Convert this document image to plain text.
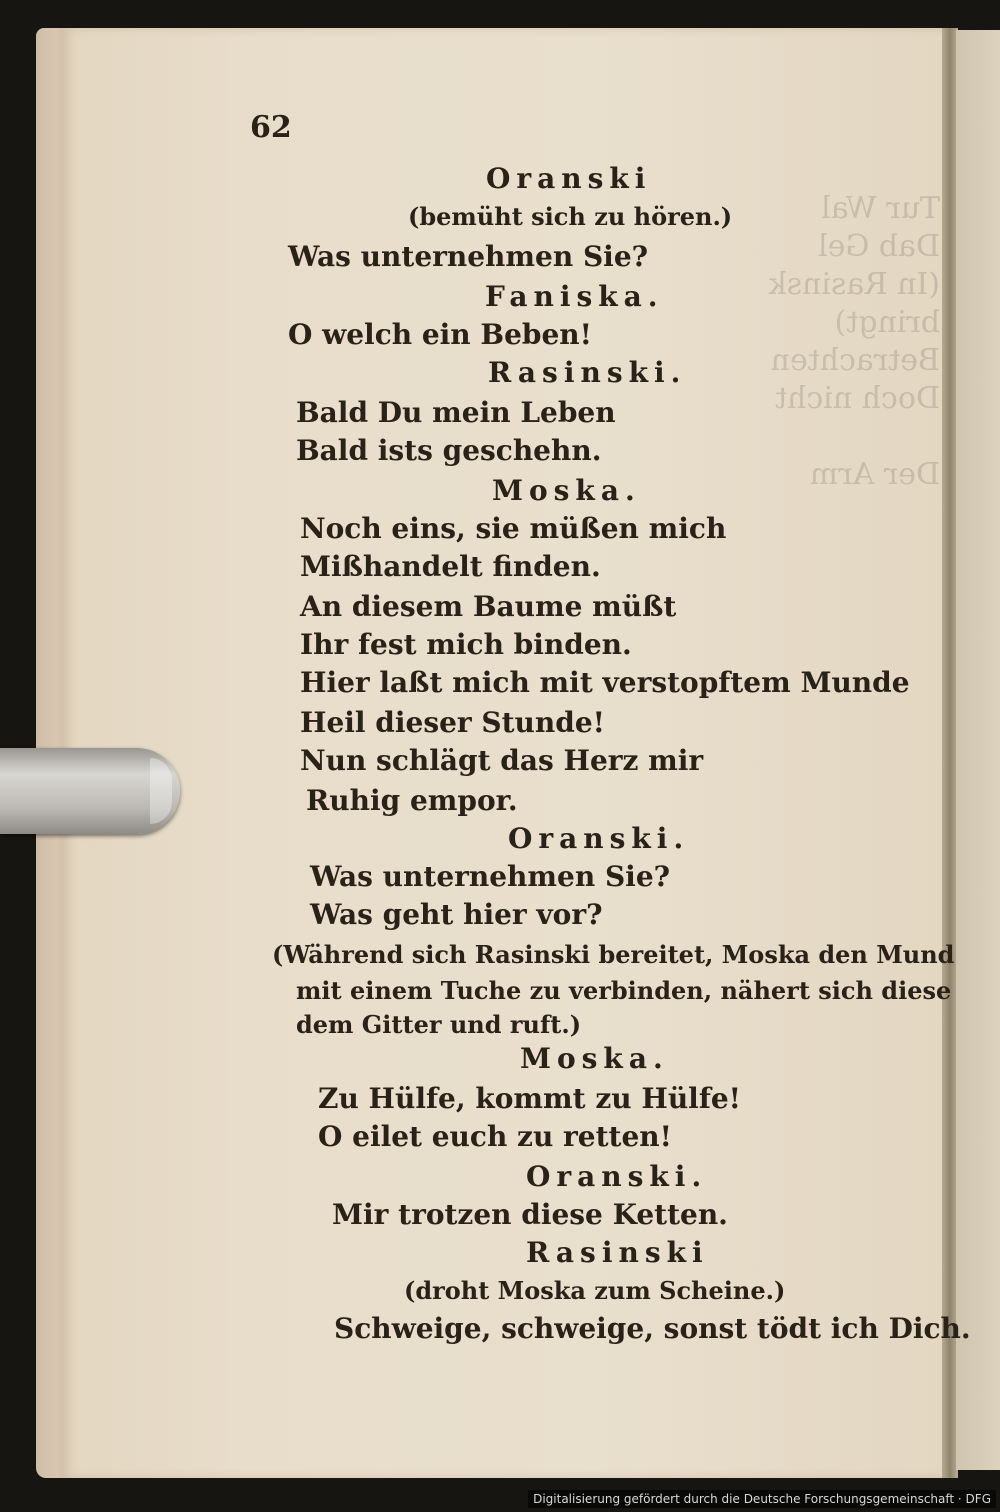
Tur Wal
Dab Gel
(In Rasinsk
bringt)
Betrachten
Doch nicht

Der Arm
62
Oranski
(bemüht sich zu hören.)
Was unternehmen Sie?
Faniska.
O welch ein Beben!
Rasinski.
Bald Du mein Leben
Bald ists geschehn.
Moska.
Noch eins, sie müßen mich
Mißhandelt finden.
An diesem Baume müßt
Ihr fest mich binden.
Hier laßt mich mit verstopftem Munde
Heil dieser Stunde!
Nun schlägt das Herz mir
Ruhig empor.
Oranski.
Was unternehmen Sie?
Was geht hier vor?
(Während sich Rasinski bereitet, Moska den Mund
mit einem Tuche zu verbinden, nähert sich diese
dem Gitter und ruft.)
Moska.
Zu Hülfe, kommt zu Hülfe!
O eilet euch zu retten!
Oranski.
Mir trotzen diese Ketten.
Rasinski
(droht Moska zum Scheine.)
Schweige, schweige, sonst tödt ich Dich.
Digitalisierung gefördert durch die Deutsche Forschungsgemeinschaft · DFG
